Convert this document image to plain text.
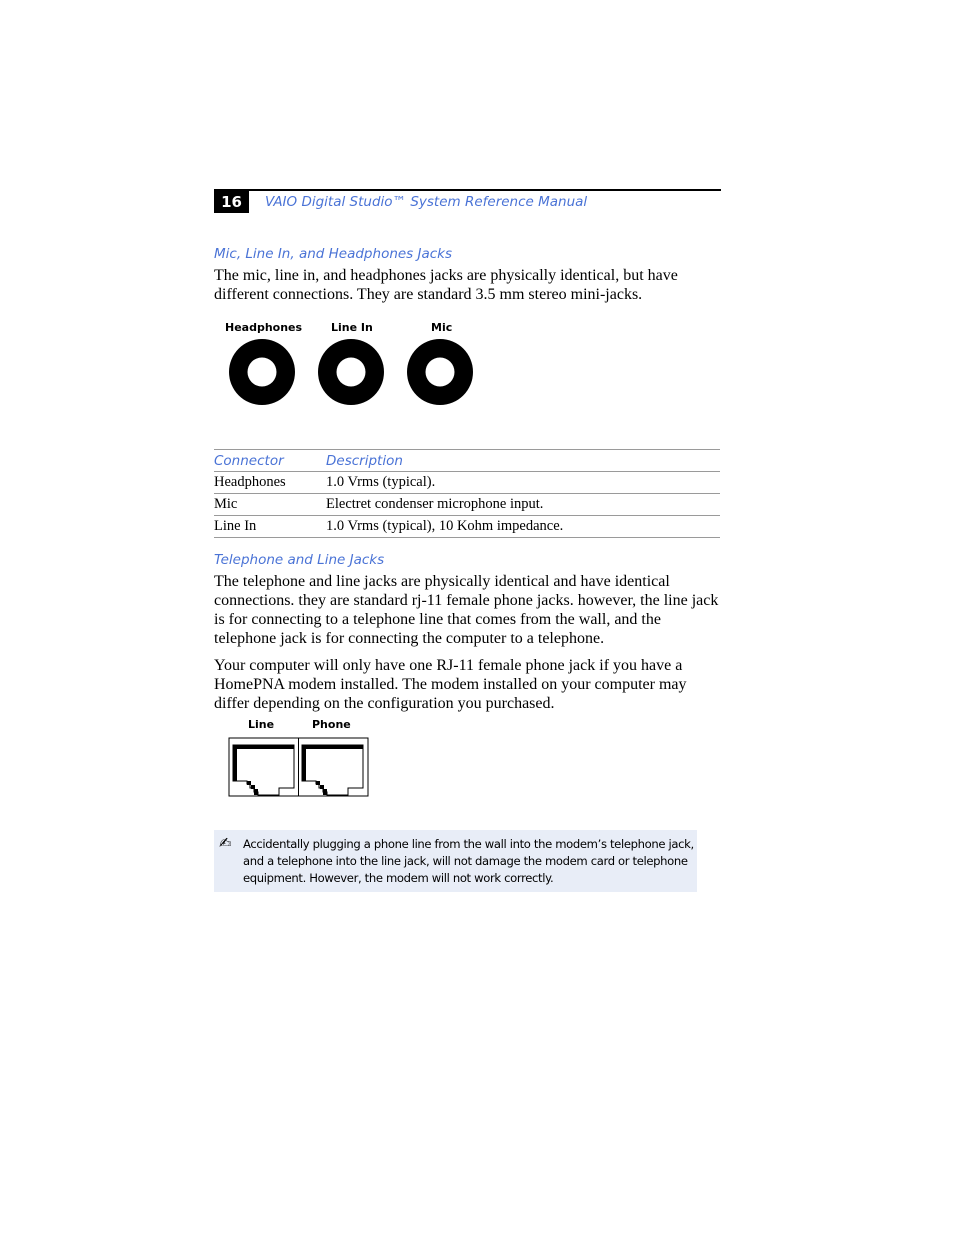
16	VAIO Digital Studio™ System Reference Manual
Mic, Line In, and Headphones Jacks
The mic, line in, and headphones jacks are physically identical, but have different connections. They are standard 3.5 mm stereo mini-jacks.
Headphones	Line In	Mic
Connector	Description
Headphones	1.0 Vrms (typical).
Mic	Electret condenser microphone input.
Line In	1.0 Vrms (typical), 10 Kohm impedance.
Telephone and Line Jacks
The telephone and line jacks are physically identical and have identical connections. they are standard rj-11 female phone jacks. however, the line jack is for connecting to a telephone line that comes from the wall, and the telephone jack is for connecting the computer to a telephone.
Your computer will only have one RJ-11 female phone jack if you have a HomePNA modem installed. The modem installed on your computer may differ depending on the configuration you purchased.
Line	Phone
✍ Accidentally plugging a phone line from the wall into the modem’s telephone jack, and a telephone into the line jack, will not damage the modem card or telephone equipment. However, the modem will not work correctly.
